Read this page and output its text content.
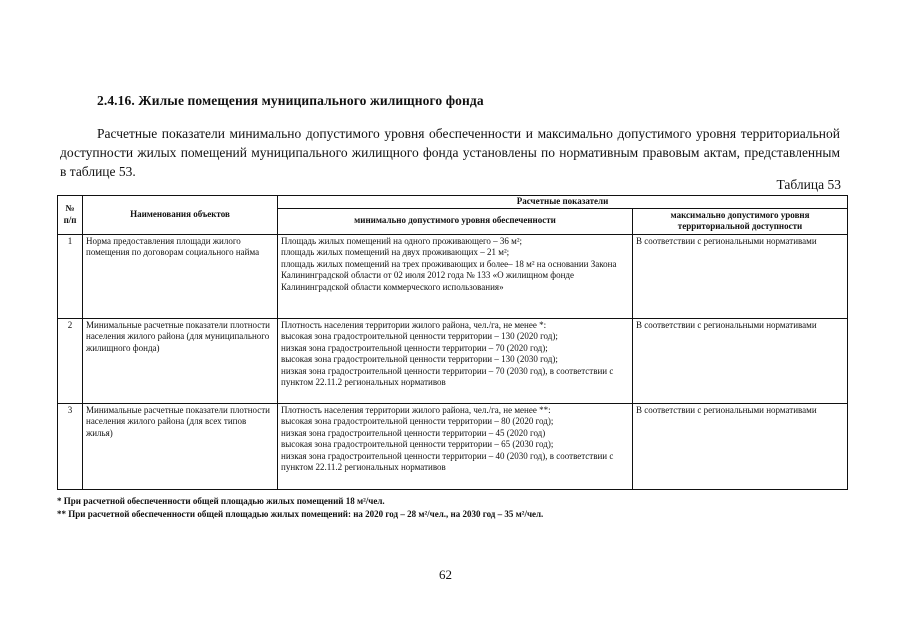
2.4.16. Жилые помещения муниципального жилищного фонда
Расчетные показатели минимально допустимого уровня обеспеченности и максимально допустимого уровня территориальной доступности жилых помещений муниципального жилищного фонда установлены по нормативным правовым актам, представленным в таблице 53.
Таблица 53
№ п/п	Наименования объектов	Расчетные показатели	
		минимально допустимого уровня обеспеченности	максимально допустимого уровня территориальной доступности
1	Норма предоставления площади жилого помещения по договорам социального найма	Площадь жилых помещений на одного проживающего – 36 м²;
площадь жилых помещений на двух проживающих – 21 м²;
площадь жилых помещений на трех проживающих и более– 18 м² на основании Закона Калининградской области от 02 июля 2012 года № 133 «О жилищном фонде Калининградской области коммерческого использования»	В соответствии с региональными нормативами
2	Минимальные расчетные показатели плотности населения жилого района (для муниципального жилищного фонда)	Плотность населения территории жилого района, чел./га, не менее *:
высокая зона градостроительной ценности территории – 130 (2020 год);
низкая зона градостроительной ценности территории – 70 (2020 год);
высокая зона градостроительной ценности территории – 130 (2030 год);
низкая зона градостроительной ценности территории – 70 (2030 год), в соответствии с пунктом 22.11.2 региональных нормативов	В соответствии с региональными нормативами
3	Минимальные расчетные показатели плотности населения жилого района (для всех типов жилья)	Плотность населения территории жилого района, чел./га, не менее **:
высокая зона градостроительной ценности территории – 80 (2020 год);
низкая зона градостроительной ценности территории – 45 (2020 год)
высокая зона градостроительной ценности территории – 65 (2030 год);
низкая зона градостроительной ценности территории – 40 (2030 год), в соответствии с пунктом 22.11.2 региональных нормативов	В соответствии с региональными нормативами
* При расчетной обеспеченности общей площадью жилых помещений 18 м²/чел.
** При расчетной обеспеченности общей площадью жилых помещений: на 2020 год – 28 м²/чел., на 2030 год – 35 м²/чел.
62
